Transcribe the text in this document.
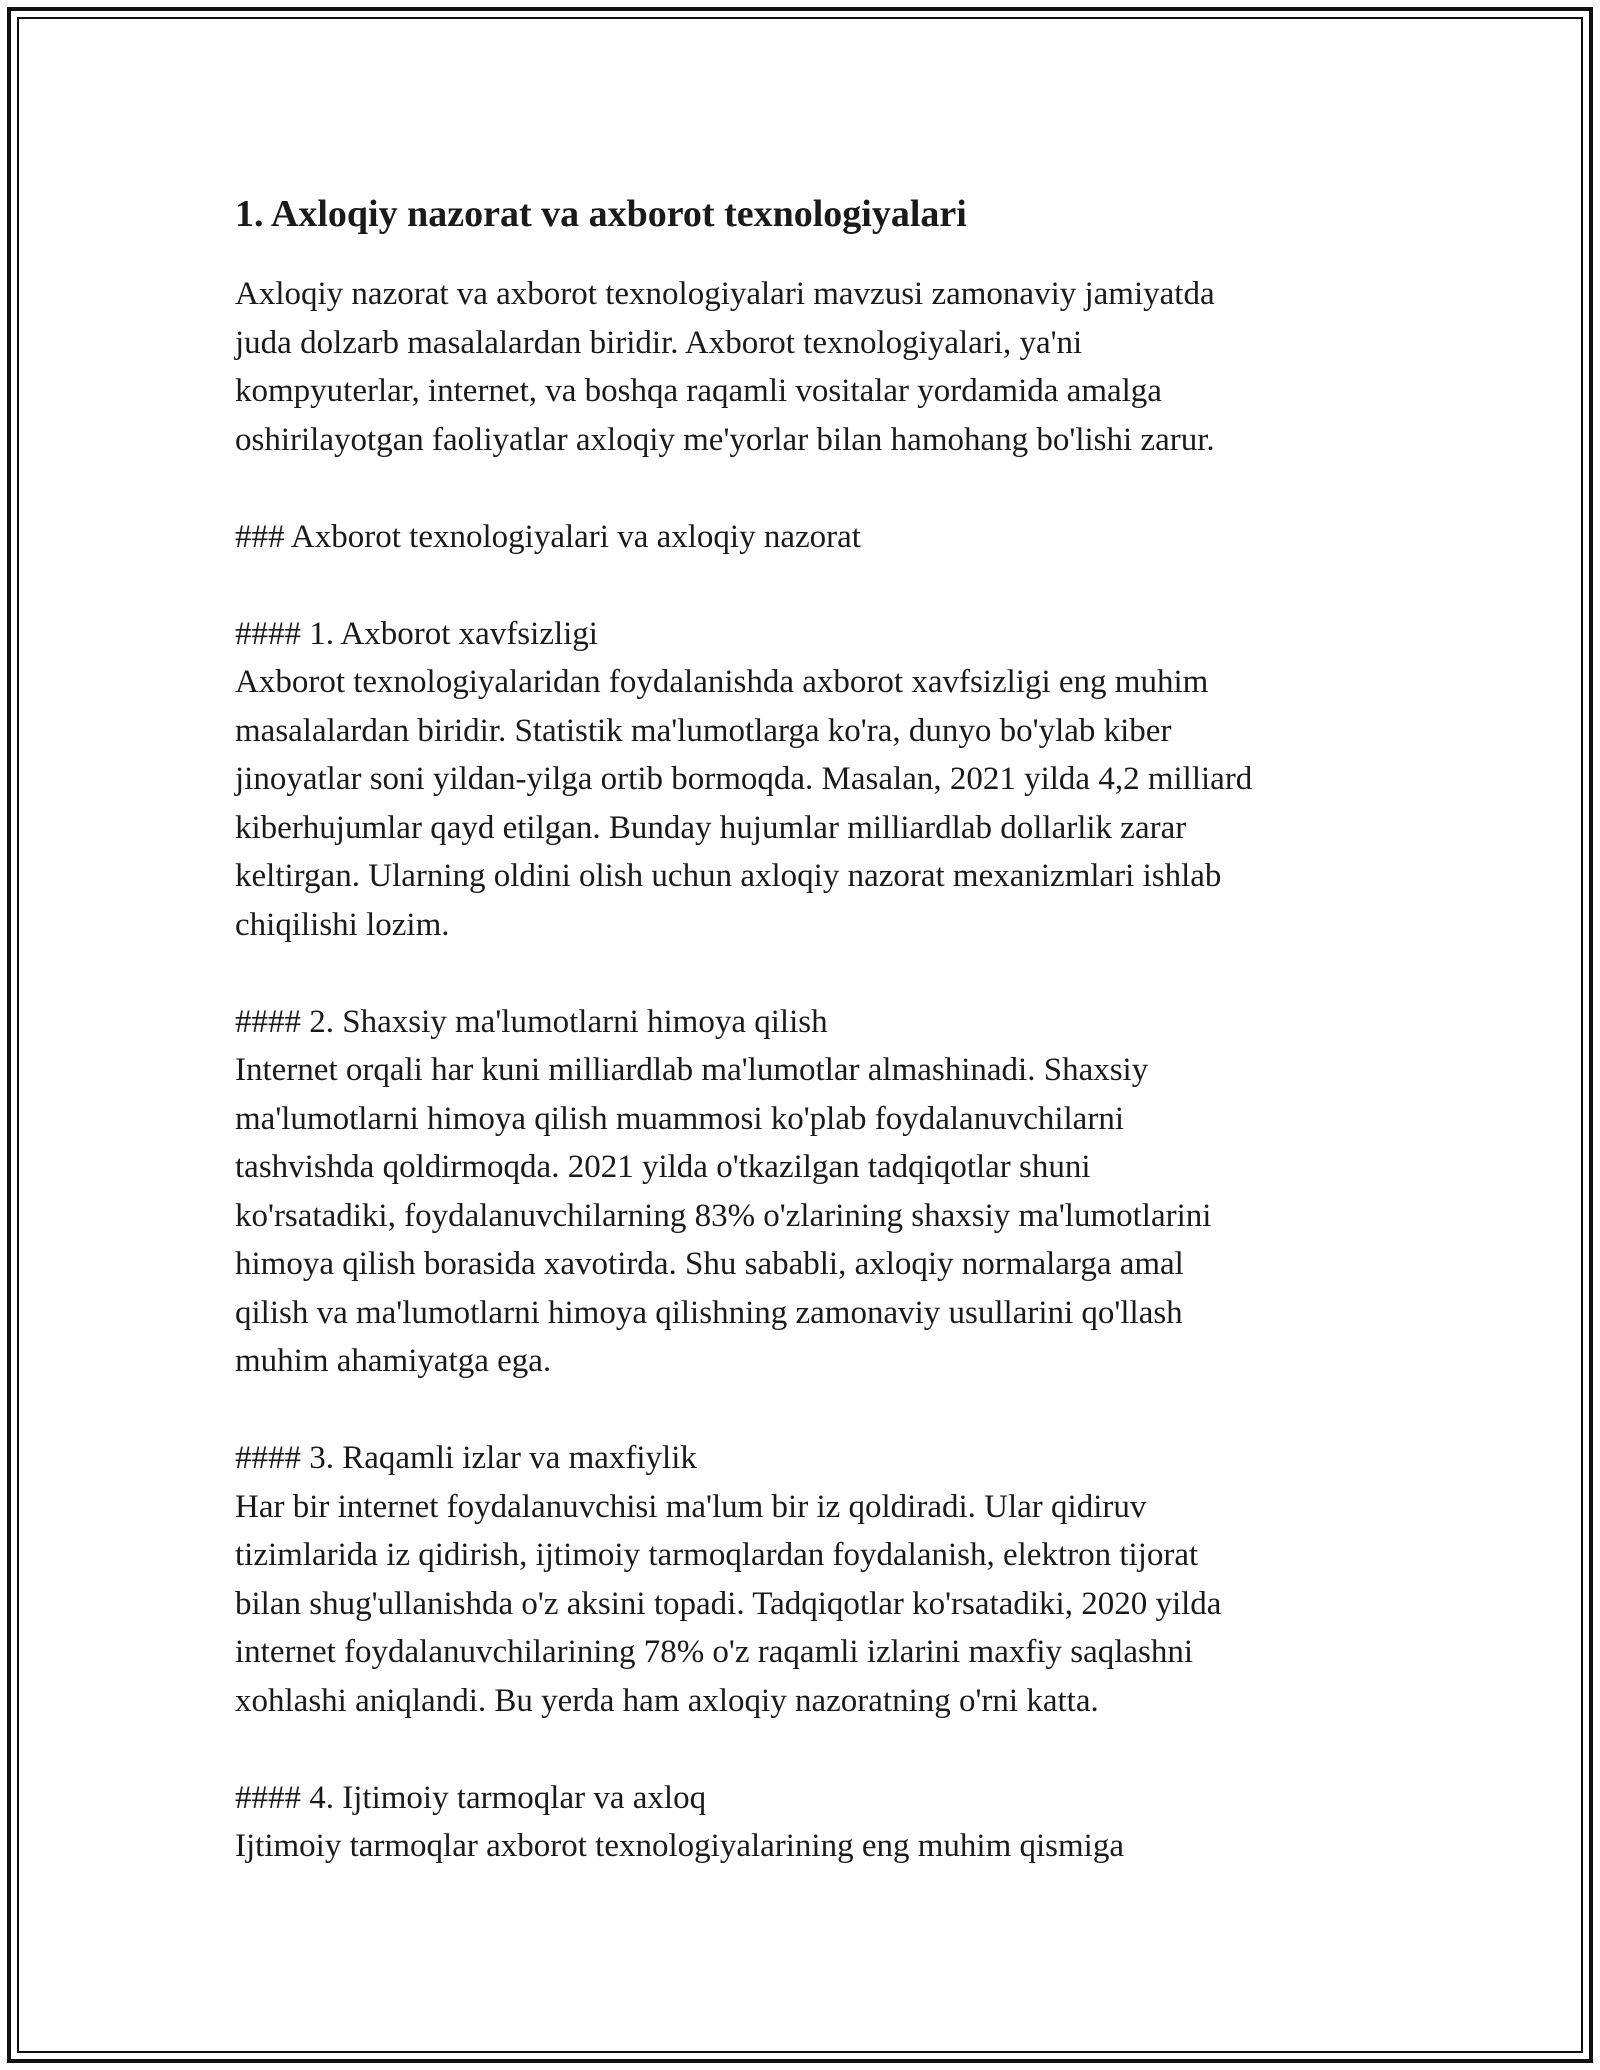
1. Axloqiy nazorat va axborot texnologiyalari
Axloqiy nazorat va axborot texnologiyalari mavzusi zamonaviy jamiyatda
juda dolzarb masalalardan biridir. Axborot texnologiyalari, ya'ni
kompyuterlar, internet, va boshqa raqamli vositalar yordamida amalga
oshirilayotgan faoliyatlar axloqiy me'yorlar bilan hamohang bo'lishi zarur.
### Axborot texnologiyalari va axloqiy nazorat
#### 1. Axborot xavfsizligi
Axborot texnologiyalaridan foydalanishda axborot xavfsizligi eng muhim
masalalardan biridir. Statistik ma'lumotlarga ko'ra, dunyo bo'ylab kiber
jinoyatlar soni yildan-yilga ortib bormoqda. Masalan, 2021 yilda 4,2 milliard
kiberhujumlar qayd etilgan. Bunday hujumlar milliardlab dollarlik zarar
keltirgan. Ularning oldini olish uchun axloqiy nazorat mexanizmlari ishlab
chiqilishi lozim.
#### 2. Shaxsiy ma'lumotlarni himoya qilish
Internet orqali har kuni milliardlab ma'lumotlar almashinadi. Shaxsiy
ma'lumotlarni himoya qilish muammosi ko'plab foydalanuvchilarni
tashvishda qoldirmoqda. 2021 yilda o'tkazilgan tadqiqotlar shuni
ko'rsatadiki, foydalanuvchilarning 83% o'zlarining shaxsiy ma'lumotlarini
himoya qilish borasida xavotirda. Shu sababli, axloqiy normalarga amal
qilish va ma'lumotlarni himoya qilishning zamonaviy usullarini qo'llash
muhim ahamiyatga ega.
#### 3. Raqamli izlar va maxfiylik
Har bir internet foydalanuvchisi ma'lum bir iz qoldiradi. Ular qidiruv
tizimlarida iz qidirish, ijtimoiy tarmoqlardan foydalanish, elektron tijorat
bilan shug'ullanishda o'z aksini topadi. Tadqiqotlar ko'rsatadiki, 2020 yilda
internet foydalanuvchilarining 78% o'z raqamli izlarini maxfiy saqlashni
xohlashi aniqlandi. Bu yerda ham axloqiy nazoratning o'rni katta.
#### 4. Ijtimoiy tarmoqlar va axloq
Ijtimoiy tarmoqlar axborot texnologiyalarining eng muhim qismiga
